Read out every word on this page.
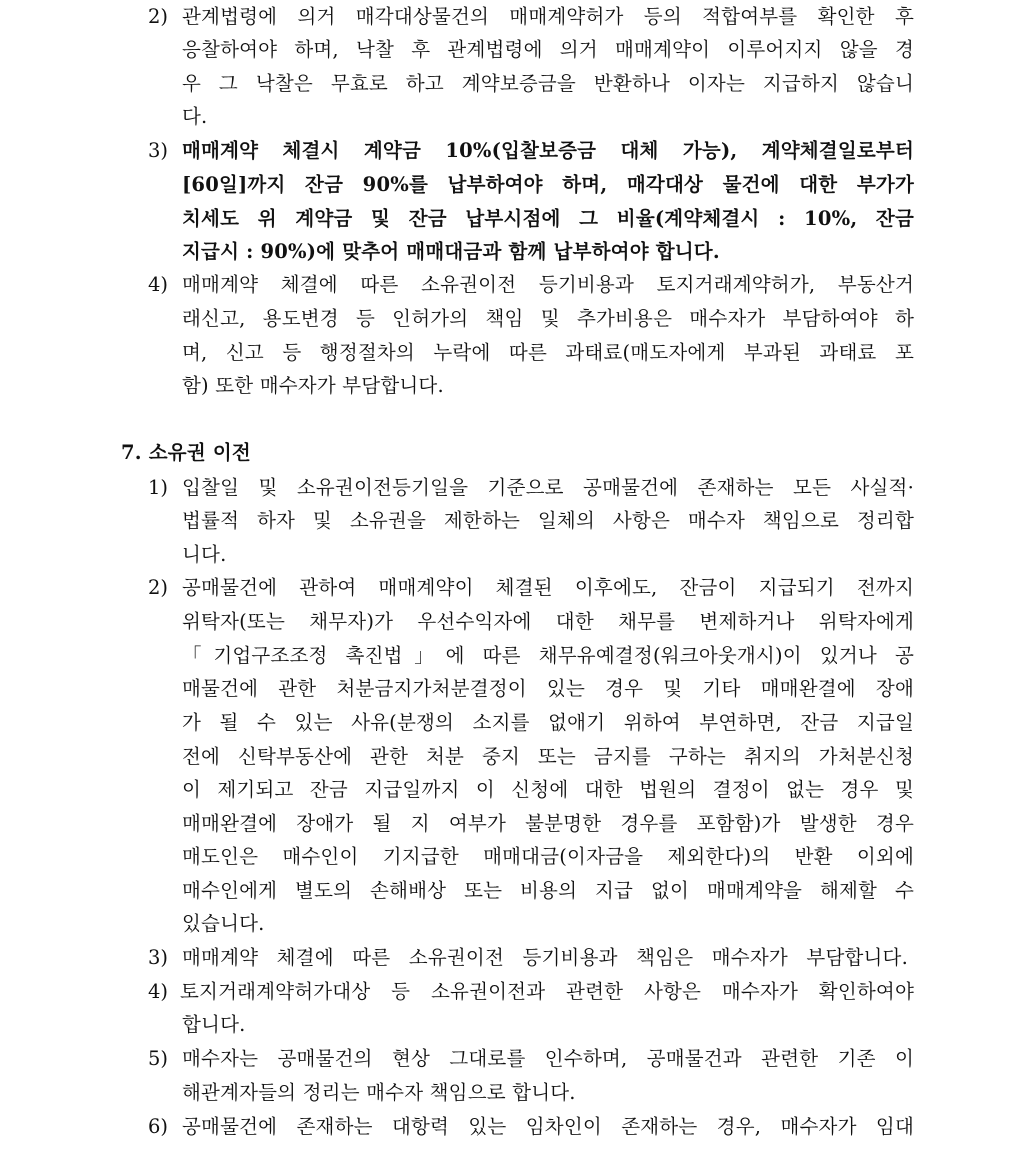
2) 관계법령에 의거 매각대상물건의 매매계약허가 등의 적합여부를 확인한 후
응찰하여야 하며, 낙찰 후 관계법령에 의거 매매계약이 이루어지지 않을 경
우 그 낙찰은 무효로 하고 계약보증금을 반환하나 이자는 지급하지 않습니
다.
3) 매매계약 체결시 계약금 10%(입찰보증금 대체 가능), 계약체결일로부터
[60일]까지 잔금 90%를 납부하여야 하며, 매각대상 물건에 대한 부가가
치세도 위 계약금 및 잔금 납부시점에 그 비율(계약체결시 : 10%, 잔금
지급시 : 90%)에 맞추어 매매대금과 함께 납부하여야 합니다.
4) 매매계약 체결에 따른 소유권이전 등기비용과 토지거래계약허가, 부동산거
래신고, 용도변경 등 인허가의 책임 및 추가비용은 매수자가 부담하여야 하
며, 신고 등 행정절차의 누락에 따른 과태료(매도자에게 부과된 과태료 포
함) 또한 매수자가 부담합니다.
7. 소유권 이전
1) 입찰일 및 소유권이전등기일을 기준으로 공매물건에 존재하는 모든 사실적·
법률적 하자 및 소유권을 제한하는 일체의 사항은 매수자 책임으로 정리합
니다.
2) 공매물건에 관하여 매매계약이 체결된 이후에도, 잔금이 지급되기 전까지
위탁자(또는 채무자)가 우선수익자에 대한 채무를 변제하거나 위탁자에게
「기업구조조정 촉진법」에 따른 채무유예결정(워크아웃개시)이 있거나 공
매물건에 관한 처분금지가처분결정이 있는 경우 및 기타 매매완결에 장애
가 될 수 있는 사유(분쟁의 소지를 없애기 위하여 부연하면, 잔금 지급일
전에 신탁부동산에 관한 처분 중지 또는 금지를 구하는 취지의 가처분신청
이 제기되고 잔금 지급일까지 이 신청에 대한 법원의 결정이 없는 경우 및
매매완결에 장애가 될 지 여부가 불분명한 경우를 포함함)가 발생한 경우
매도인은 매수인이 기지급한 매매대금(이자금을 제외한다)의 반환 이외에
매수인에게 별도의 손해배상 또는 비용의 지급 없이 매매계약을 해제할 수
있습니다.
3) 매매계약 체결에 따른 소유권이전 등기비용과 책임은 매수자가 부담합니다.
4) 토지거래계약허가대상 등 소유권이전과 관련한 사항은 매수자가 확인하여야
합니다.
5) 매수자는 공매물건의 현상 그대로를 인수하며, 공매물건과 관련한 기존 이
해관계자들의 정리는 매수자 책임으로 합니다.
6) 공매물건에 존재하는 대항력 있는 임차인이 존재하는 경우, 매수자가 임대
